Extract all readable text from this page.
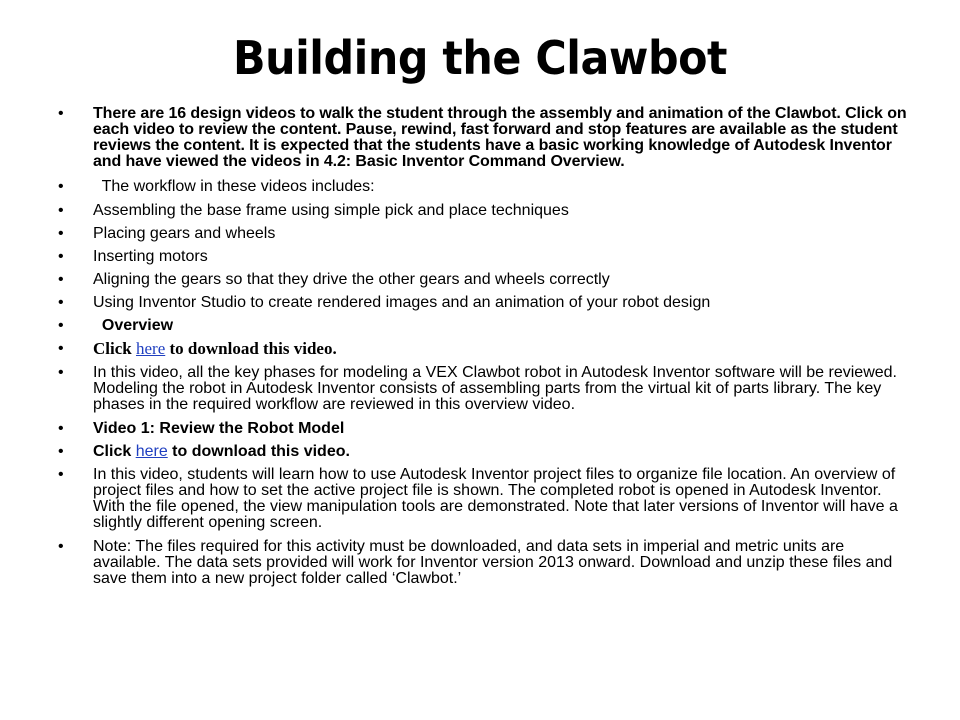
Building the Clawbot
•	There are 16 design videos to walk the student through the assembly and animation of the Clawbot. Click on each video to review the content. Pause, rewind, fast forward and stop features are available as the student reviews the content. It is expected that the students have a basic working knowledge of Autodesk Inventor and have viewed the videos in 4.2: Basic Inventor Command Overview.
•	The workflow in these videos includes:
•	Assembling the base frame using simple pick and place techniques
•	Placing gears and wheels
•	Inserting motors
•	Aligning the gears so that they drive the other gears and wheels correctly
•	Using Inventor Studio to create rendered images and an animation of your robot design
•	Overview
•	Click here to download this video.
•	In this video, all the key phases for modeling a VEX Clawbot robot in Autodesk Inventor software will be reviewed. Modeling the robot in Autodesk Inventor consists of assembling parts from the virtual kit of parts library. The key phases in the required workflow are reviewed in this overview video.
•	Video 1: Review the Robot Model
•	Click here to download this video.
•	In this video, students will learn how to use Autodesk Inventor project files to organize file location. An overview of project files and how to set the active project file is shown. The completed robot is opened in Autodesk Inventor. With the file opened, the view manipulation tools are demonstrated. Note that later versions of Inventor will have a slightly different opening screen.
•	Note: The files required for this activity must be downloaded, and data sets in imperial and metric units are available. The data sets provided will work for Inventor version 2013 onward. Download and unzip these files and save them into a new project folder called ‘Clawbot.’
